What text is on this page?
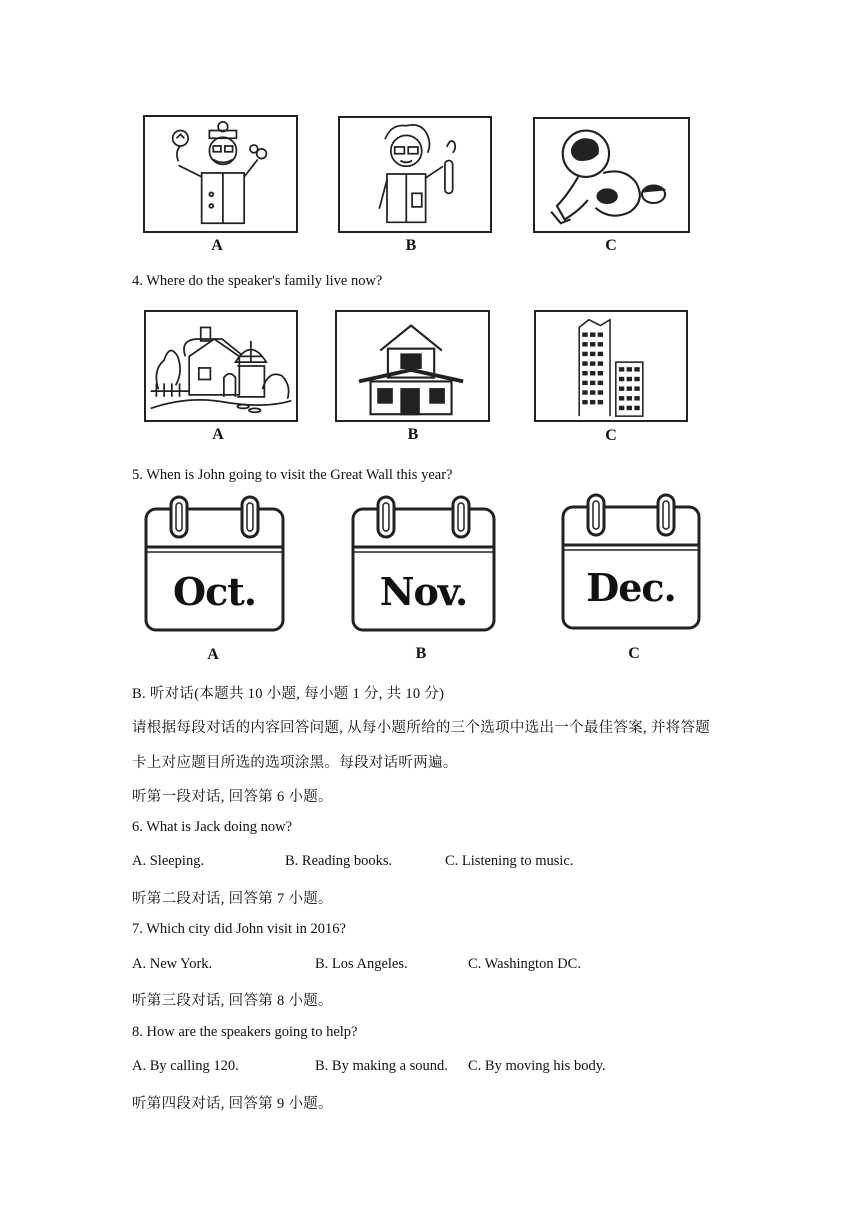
A	B	C
4. Where do the speaker's family live now?
A	B	C
5. When is John going to visit the Great Wall this year?
Oct.
A
Nov.
B
Dec.
C
B. 听对话(本题共 10 小题, 每小题 1 分, 共 10 分)
请根据每段对话的内容回答问题, 从每小题所给的三个选项中选出一个最佳答案, 并将答题
卡上对应题目所选的选项涂黑。每段对话听两遍。
听第一段对话, 回答第 6 小题。
6. What is Jack doing now?
A. Sleeping.	B. Reading books.	C. Listening to music.
听第二段对话, 回答第 7 小题。
7. Which city did John visit in 2016?
A. New York.	B. Los Angeles.	C. Washington DC.
听第三段对话, 回答第 8 小题。
8. How are the speakers going to help?
A. By calling 120.	B. By making a sound. C. By moving his body.
听第四段对话, 回答第 9 小题。
